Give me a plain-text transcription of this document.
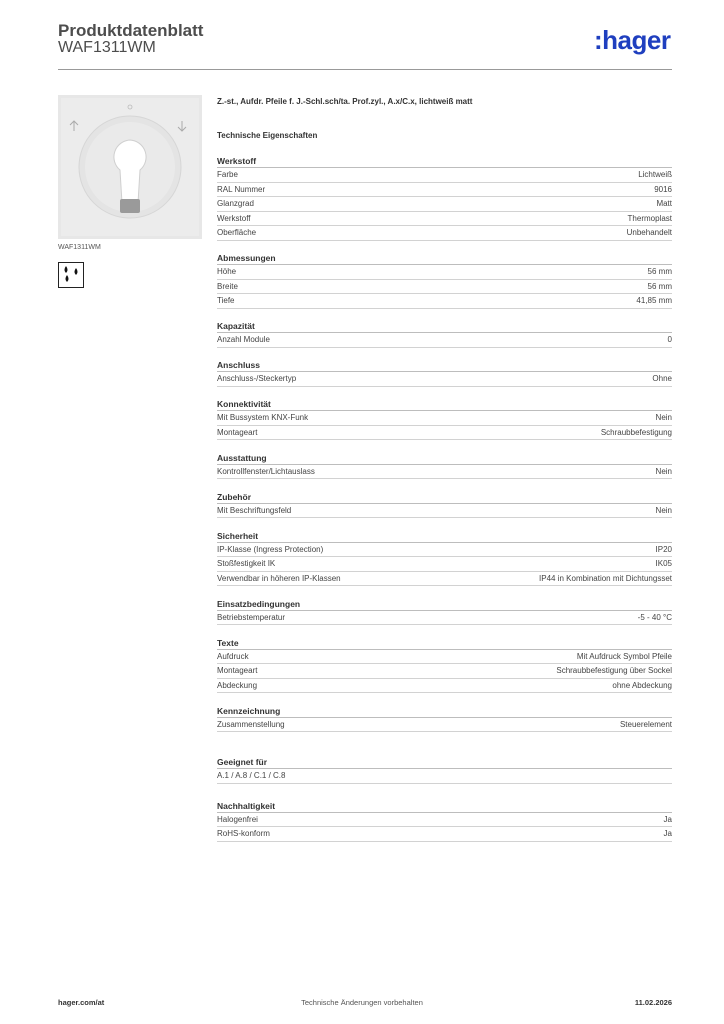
Produktdatenblatt
WAF1311WM	:hager
WAF1311WM
Z.-st., Aufdr. Pfeile f. J.-Schl.sch/ta. Prof.zyl., A.x/C.x, lichtweiß matt
Technische Eigenschaften
Werkstoff
Farbe	Lichtweiß
RAL Nummer	9016
Glanzgrad	Matt
Werkstoff	Thermoplast
Oberfläche	Unbehandelt
Abmessungen
Höhe	56 mm
Breite	56 mm
Tiefe	41,85 mm
Kapazität
Anzahl Module	0
Anschluss
Anschluss-/Steckertyp	Ohne
Konnektivität
Mit Bussystem KNX-Funk	Nein
Montageart	Schraubbefestigung
Ausstattung
Kontrollfenster/Lichtauslass	Nein
Zubehör
Mit Beschriftungsfeld	Nein
Sicherheit
IP-Klasse (Ingress Protection)	IP20
Stoßfestigkeit IK	IK05
Verwendbar in höheren IP-Klassen	IP44 in Kombination mit Dichtungsset
Einsatzbedingungen
Betriebstemperatur	-5 - 40 °C
Texte
Aufdruck	Mit Aufdruck Symbol Pfeile
Montageart	Schraubbefestigung über Sockel
Abdeckung	ohne Abdeckung
Kennzeichnung
Zusammenstellung	Steuerelement
Geeignet für
A.1 / A.8 / C.1 / C.8
Nachhaltigkeit
Halogenfrei	Ja
RoHS-konform	Ja
hager.com/at	Technische Änderungen vorbehalten	11.02.2026
